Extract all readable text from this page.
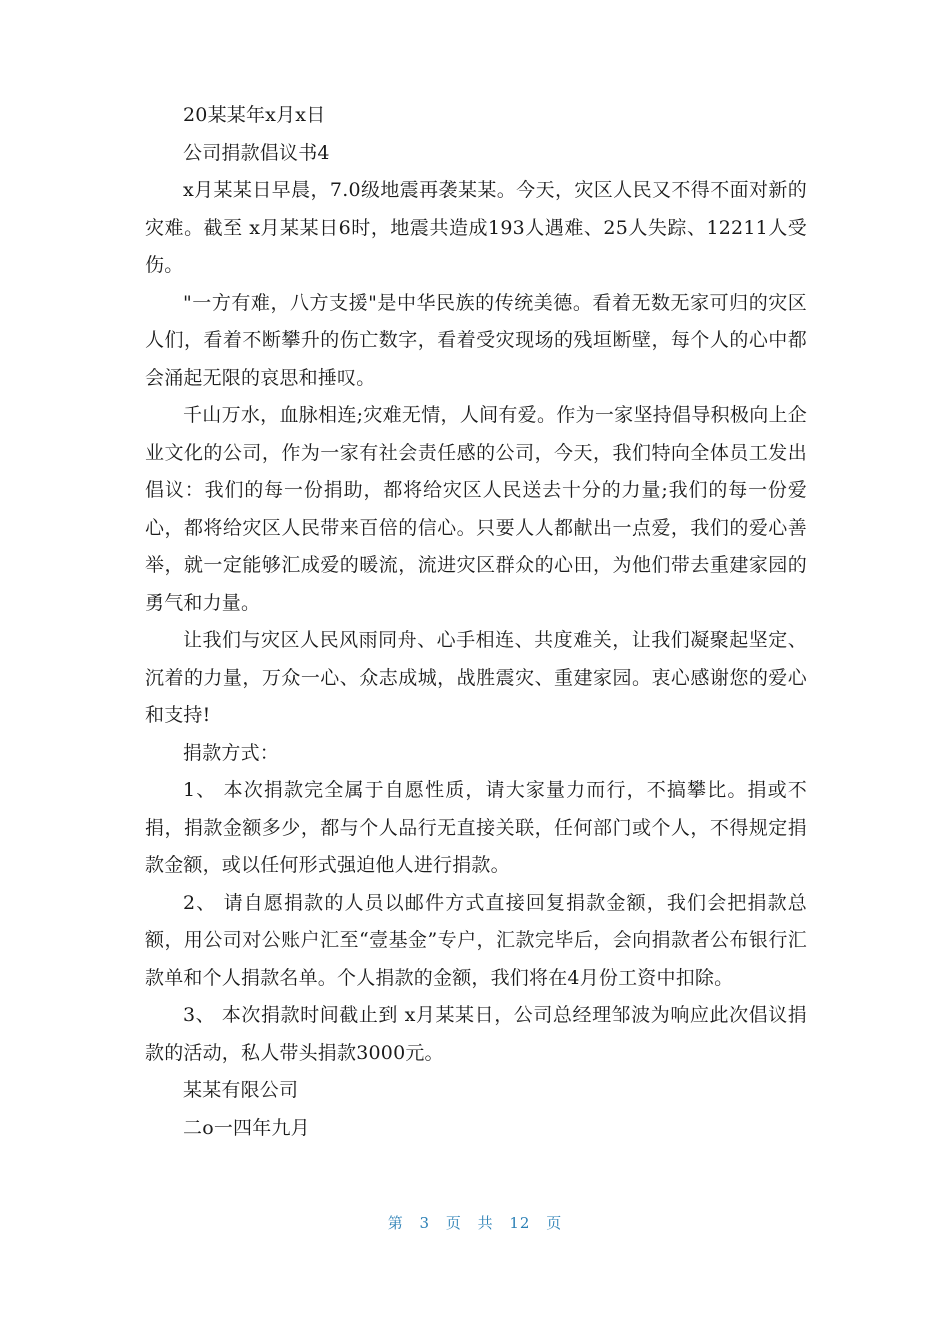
20某某年x月x日

公司捐款倡议书4

x月某某日早晨，7.0级地震再袭某某。今天，灾区人民又不得不面对新的灾难。截至 x月某某日6时，地震共造成193人遇难、25人失踪、12211人受伤。

"一方有难，八方支援"是中华民族的传统美德。看着无数无家可归的灾区人们，看着不断攀升的伤亡数字，看着受灾现场的残垣断壁，每个人的心中都会涌起无限的哀思和捶叹。

千山万水，血脉相连;灾难无情，人间有爱。作为一家坚持倡导积极向上企业文化的公司，作为一家有社会责任感的公司，今天，我们特向全体员工发出倡议：我们的每一份捐助，都将给灾区人民送去十分的力量;我们的每一份爱心，都将给灾区人民带来百倍的信心。只要人人都献出一点爱，我们的爱心善举，就一定能够汇成爱的暖流，流进灾区群众的心田，为他们带去重建家园的勇气和力量。

让我们与灾区人民风雨同舟、心手相连、共度难关，让我们凝聚起坚定、沉着的力量，万众一心、众志成城，战胜震灾、重建家园。衷心感谢您的爱心和支持!

捐款方式：

1、 本次捐款完全属于自愿性质，请大家量力而行，不搞攀比。捐或不捐，捐款金额多少，都与个人品行无直接关联，任何部门或个人，不得规定捐款金额，或以任何形式强迫他人进行捐款。

2、 请自愿捐款的人员以邮件方式直接回复捐款金额，我们会把捐款总额，用公司对公账户汇至“壹基金”专户，汇款完毕后，会向捐款者公布银行汇款单和个人捐款名单。个人捐款的金额，我们将在4月份工资中扣除。

3、 本次捐款时间截止到 x月某某日，公司总经理邹波为响应此次倡议捐款的活动，私人带头捐款3000元。

某某有限公司

二o一四年九月

第 3 页 共 12 页
